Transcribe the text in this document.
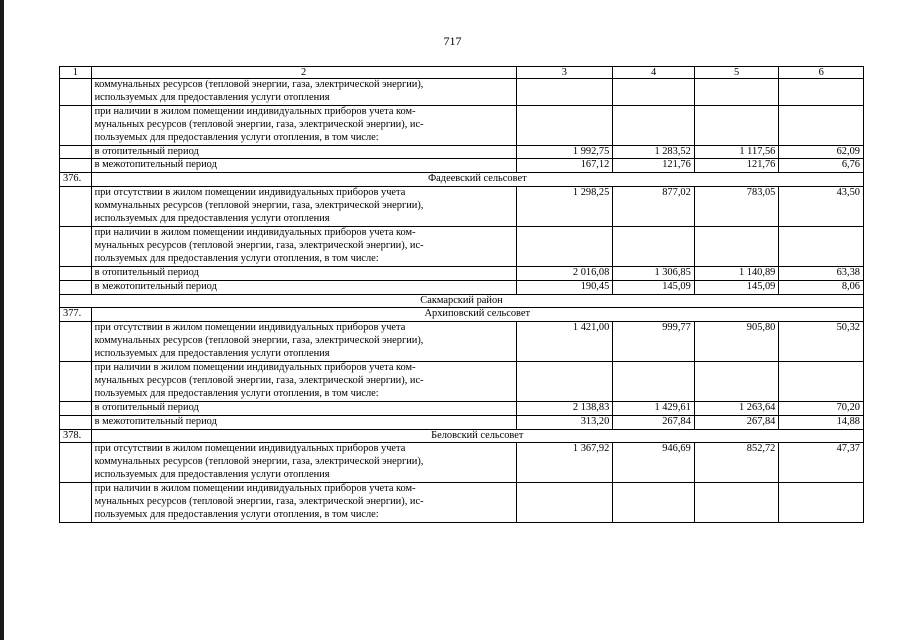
717
1	2	3	4	5	6
	коммунальных ресурсов (тепловой энергии, газа, электрической энергии),
используемых для предоставления услуги отопления				
	при наличии в жилом помещении индивидуальных приборов учета ком-
мунальных ресурсов (тепловой энергии, газа, электрической энергии), ис-
пользуемых для предоставления услуги отопления, в том числе:				
	в отопительный период	1 992,75	1 283,52	1 117,56	62,09
	в межотопительный период	167,12	121,76	121,76	6,76
376.	Фадеевский сельсовет				
	при отсутствии в жилом помещении индивидуальных приборов учета
коммунальных ресурсов (тепловой энергии, газа, электрической энергии),
используемых для предоставления услуги отопления	1 298,25	877,02	783,05	43,50
	при наличии в жилом помещении индивидуальных приборов учета ком-
мунальных ресурсов (тепловой энергии, газа, электрической энергии), ис-
пользуемых для предоставления услуги отопления, в том числе:				
	в отопительный период	2 016,08	1 306,85	1 140,89	63,38
	в межотопительный период	190,45	145,09	145,09	8,06
Сакмарский район					
377.	Архиповский сельсовет				
	при отсутствии в жилом помещении индивидуальных приборов учета
коммунальных ресурсов (тепловой энергии, газа, электрической энергии),
используемых для предоставления услуги отопления	1 421,00	999,77	905,80	50,32
	при наличии в жилом помещении индивидуальных приборов учета ком-
мунальных ресурсов (тепловой энергии, газа, электрической энергии), ис-
пользуемых для предоставления услуги отопления, в том числе:				
	в отопительный период	2 138,83	1 429,61	1 263,64	70,20
	в межотопительный период	313,20	267,84	267,84	14,88
378.	Беловский сельсовет				
	при отсутствии в жилом помещении индивидуальных приборов учета
коммунальных ресурсов (тепловой энергии, газа, электрической энергии),
используемых для предоставления услуги отопления	1 367,92	946,69	852,72	47,37
	при наличии в жилом помещении индивидуальных приборов учета ком-
мунальных ресурсов (тепловой энергии, газа, электрической энергии), ис-
пользуемых для предоставления услуги отопления, в том числе:				
